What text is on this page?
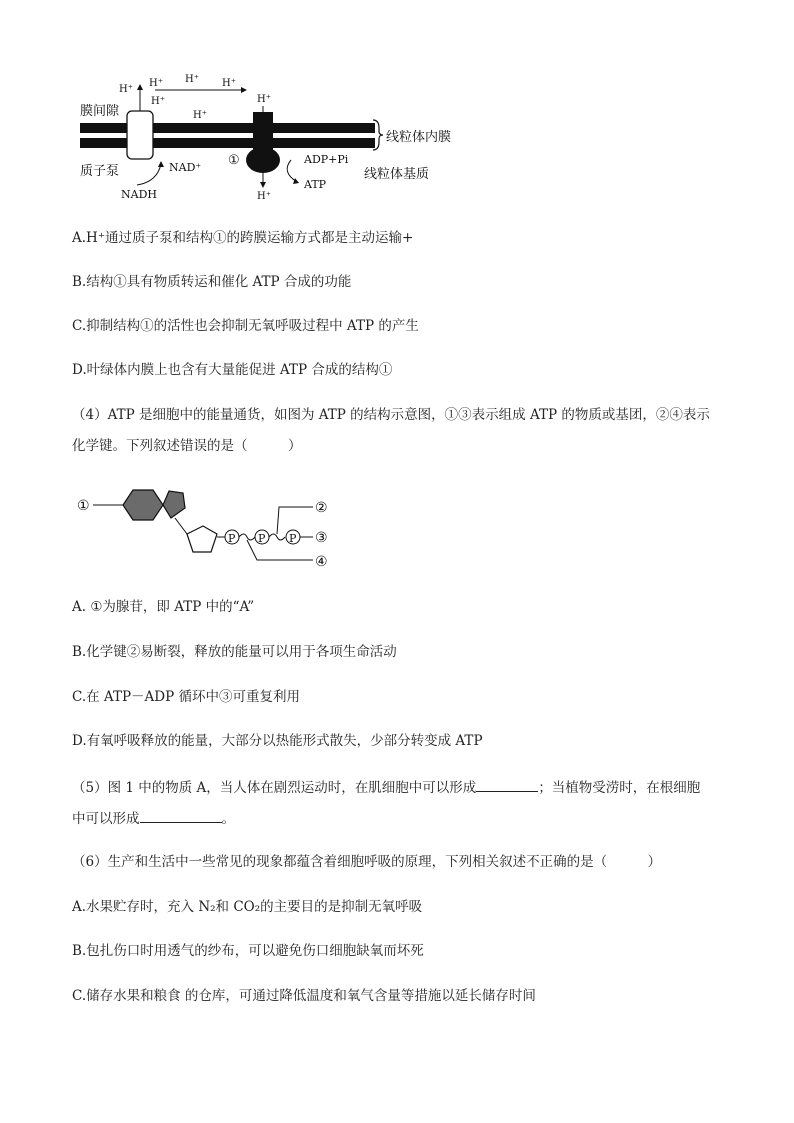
H⁺
H⁺ H⁺ H⁺
H⁺
H⁺
H⁺
H⁺
膜间隙
质子泵
NADH
NAD⁺ ①	ADP+Pi
ATP
线粒体内膜
线粒体基质
A.H⁺通过质子泵和结构①的跨膜运输方式都是主动运输+
B.结构①具有物质转运和催化 ATP 合成的功能
C.抑制结构①的活性也会抑制无氧呼吸过程中 ATP 的产生
D.叶绿体内膜上也含有大量能促进 ATP 合成的结构①
（4）ATP 是细胞中的能量通货，如图为 ATP 的结构示意图，①③表示组成 ATP 的物质或基团，②④表示
化学键。下列叙述错误的是（　　　）
①
P P P
②
③
④
A. ①为腺苷，即 ATP 中的“A”
B.化学键②易断裂，释放的能量可以用于各项生命活动
C.在 ATP－ADP 循环中③可重复利用
D.有氧呼吸释放的能量，大部分以热能形式散失，少部分转变成 ATP
（5）图 1 中的物质 A，当人体在剧烈运动时，在肌细胞中可以形成	；当植物受涝时，在根细胞
中可以形成	。
（6）生产和生活中一些常见的现象都蕴含着细胞呼吸的原理，下列相关叙述不正确的是（　　　）
A.水果贮存时，充入 N₂和 CO₂的主要目的是抑制无氧呼吸
B.包扎伤口时用透气的纱布，可以避免伤口细胞缺氧而坏死
C.储存水果和粮食 的仓库，可通过降低温度和氧气含量等措施以延长储存时间
